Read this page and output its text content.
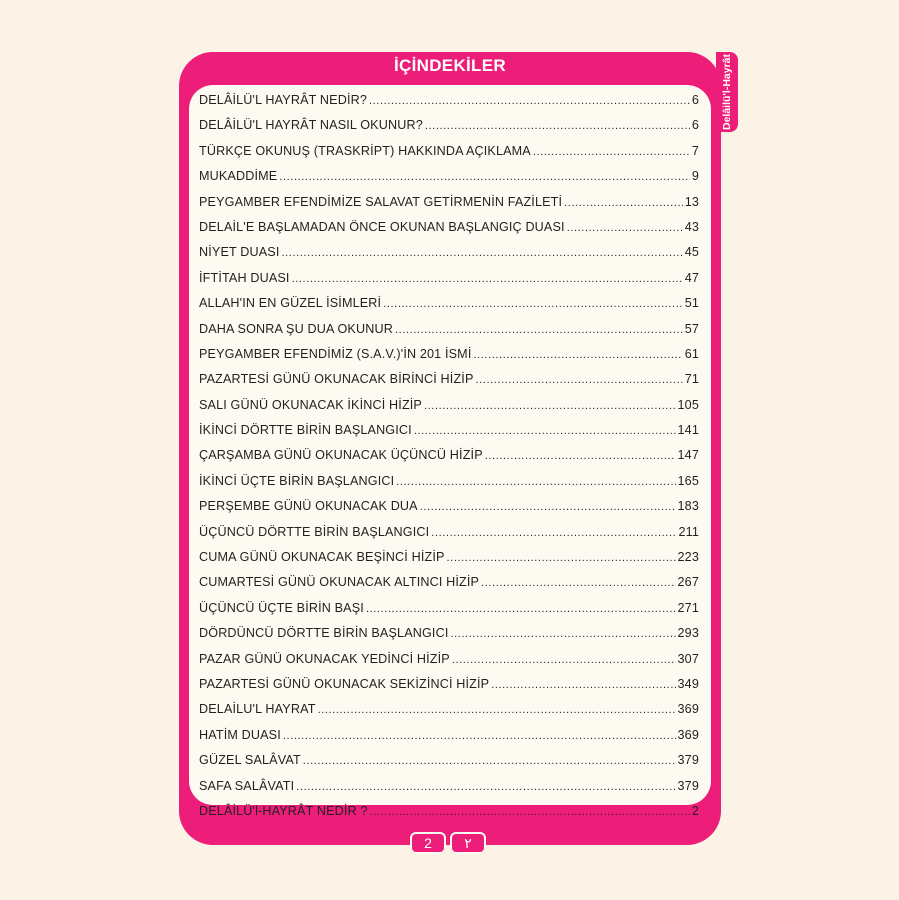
İÇİNDEKİLER
DELÂİLÜ'L HAYRÂT NEDİR? .....	6
DELÂİLÜ'L HAYRÂT NASIL OKUNUR? .....	6
TÜRKÇE OKUNUŞ (TRASKRİPT) HAKKINDA AÇIKLAMA .....	7
MUKADDİME .....	9
PEYGAMBER EFENDİMİZE SALAVAT GETİRMENİN FAZİLETİ .....	13
DELAİL'E BAŞLAMADAN ÖNCE OKUNAN BAŞLANGIÇ DUASI .....	43
NİYET DUASI .....	45
İFTİTAH DUASI .....	47
ALLAH'IN EN GÜZEL İSİMLERİ .....	51
DAHA SONRA ŞU DUA OKUNUR .....	57
PEYGAMBER EFENDİMİZ (S.A.V.)'İN 201 İSMİ .....	61
PAZARTESİ GÜNÜ OKUNACAK BİRİNCİ HİZİP .....	71
SALI GÜNÜ OKUNACAK İKİNCİ HİZİP .....	105
İKİNCİ DÖRTTE BİRİN BAŞLANGICI .....	141
ÇARŞAMBA GÜNÜ OKUNACAK ÜÇÜNCÜ HİZİP .....	147
İKİNCİ ÜÇTE BİRİN BAŞLANGICI .....	165
PERŞEMBE GÜNÜ OKUNACAK DUA .....	183
ÜÇÜNCÜ DÖRTTE BİRİN BAŞLANGICI .....	211
CUMA GÜNÜ OKUNACAK BEŞİNCİ HİZİP .....	223
CUMARTESİ GÜNÜ OKUNACAK ALTINCI HİZİP .....	267
ÜÇÜNCÜ ÜÇTE BİRİN BAŞI .....	271
DÖRDÜNCÜ DÖRTTE BİRİN BAŞLANGICI .....	293
PAZAR GÜNÜ OKUNACAK YEDİNCİ HİZİP .....	307
PAZARTESİ GÜNÜ OKUNACAK SEKİZİNCİ HİZİP .....	349
DELAİLU'L HAYRAT .....	369
HATİM DUASI .....	369
GÜZEL SALÂVAT .....	379
SAFA SALÂVATI .....	379
DELÂİLÜ'l-HAYRÂT NEDİR ? .....	2
Delâilü'l-Hayrât
2	٢
